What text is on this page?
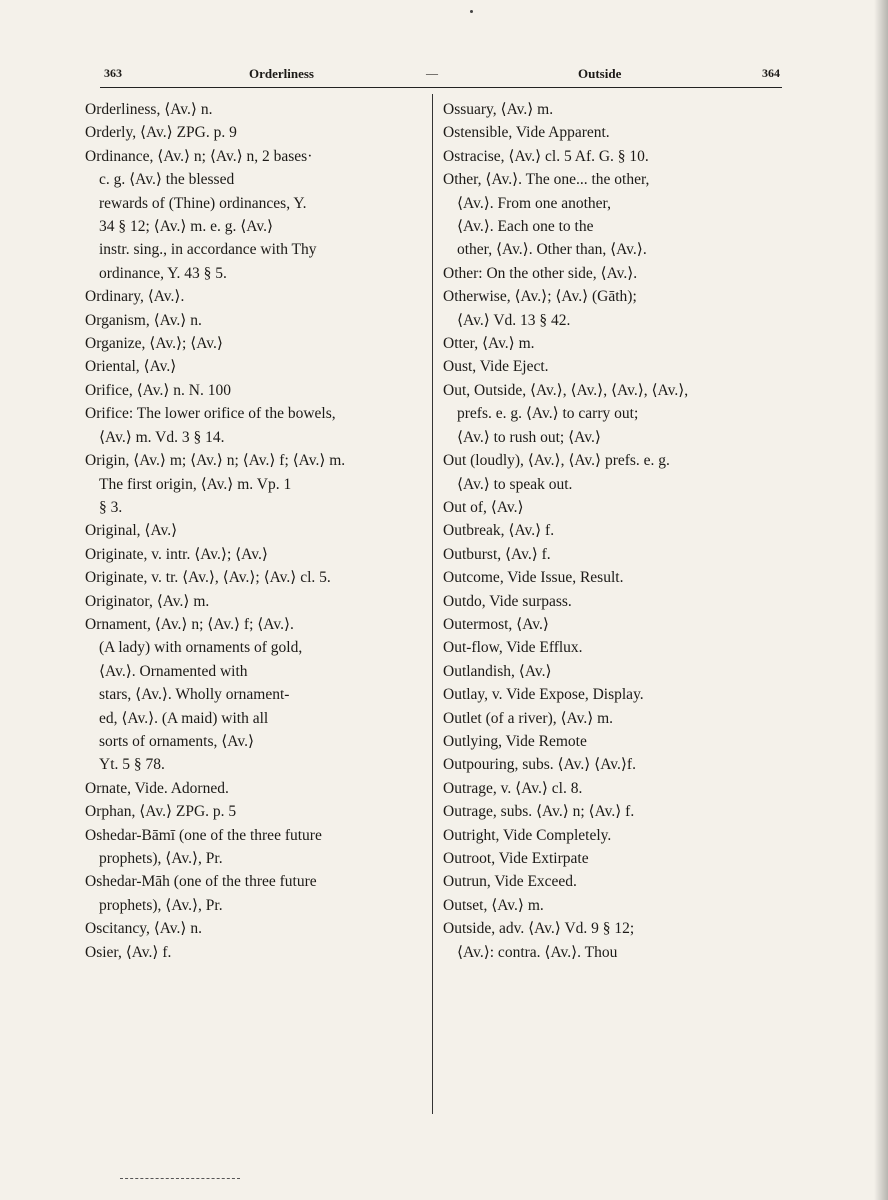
363	Orderliness	—	Outside	364
Orderliness, ⟨Av.⟩ n.
Orderly, ⟨Av.⟩ ZPG. p. 9
Ordinance, ⟨Av.⟩ n; ⟨Av.⟩ n, 2 bases·
c. g. ⟨Av.⟩ the blessed
rewards of (Thine) ordinances, Y.
34 § 12; ⟨Av.⟩ m. e. g. ⟨Av.⟩
instr. sing., in accordance with Thy
ordinance, Y. 43 § 5.
Ordinary, ⟨Av.⟩.
Organism, ⟨Av.⟩ n.
Organize, ⟨Av.⟩; ⟨Av.⟩
Oriental, ⟨Av.⟩
Orifice, ⟨Av.⟩ n. N. 100
Orifice: The lower orifice of the bowels,
⟨Av.⟩ m. Vd. 3 § 14.
Origin, ⟨Av.⟩ m; ⟨Av.⟩ n; ⟨Av.⟩ f; ⟨Av.⟩ m.
The first origin, ⟨Av.⟩ m. Vp. 1
§ 3.
Original, ⟨Av.⟩
Originate, v. intr. ⟨Av.⟩; ⟨Av.⟩
Originate, v. tr. ⟨Av.⟩, ⟨Av.⟩; ⟨Av.⟩ cl. 5.
Originator, ⟨Av.⟩ m.
Ornament, ⟨Av.⟩ n; ⟨Av.⟩ f; ⟨Av.⟩.
(A lady) with ornaments of gold,
⟨Av.⟩. Ornamented with
stars, ⟨Av.⟩. Wholly ornament-
ed, ⟨Av.⟩. (A maid) with all
sorts of ornaments, ⟨Av.⟩
Yt. 5 § 78.
Ornate, Vide. Adorned.
Orphan, ⟨Av.⟩ ZPG. p. 5
Oshedar-Bāmī (one of the three future
prophets), ⟨Av.⟩, Pr.
Oshedar-Māh (one of the three future
prophets), ⟨Av.⟩, Pr.
Oscitancy, ⟨Av.⟩ n.
Osier, ⟨Av.⟩ f.
Ossuary, ⟨Av.⟩ m.
Ostensible, Vide Apparent.
Ostracise, ⟨Av.⟩ cl. 5 Af. G. § 10.
Other, ⟨Av.⟩. The one... the other,
⟨Av.⟩. From one another,
⟨Av.⟩. Each one to the
other, ⟨Av.⟩. Other than, ⟨Av.⟩.
Other: On the other side, ⟨Av.⟩.
Otherwise, ⟨Av.⟩; ⟨Av.⟩ (Gāth);
⟨Av.⟩ Vd. 13 § 42.
Otter, ⟨Av.⟩ m.
Oust, Vide Eject.
Out, Outside, ⟨Av.⟩, ⟨Av.⟩, ⟨Av.⟩, ⟨Av.⟩,
prefs. e. g. ⟨Av.⟩ to carry out;
⟨Av.⟩ to rush out; ⟨Av.⟩
Out (loudly), ⟨Av.⟩, ⟨Av.⟩ prefs. e. g.
⟨Av.⟩ to speak out.
Out of, ⟨Av.⟩
Outbreak, ⟨Av.⟩ f.
Outburst, ⟨Av.⟩ f.
Outcome, Vide Issue, Result.
Outdo, Vide surpass.
Outermost, ⟨Av.⟩
Out-flow, Vide Efflux.
Outlandish, ⟨Av.⟩
Outlay, v. Vide Expose, Display.
Outlet (of a river), ⟨Av.⟩ m.
Outlying, Vide Remote
Outpouring, subs. ⟨Av.⟩ ⟨Av.⟩f.
Outrage, v. ⟨Av.⟩ cl. 8.
Outrage, subs. ⟨Av.⟩ n; ⟨Av.⟩ f.
Outright, Vide Completely.
Outroot, Vide Extirpate
Outrun, Vide Exceed.
Outset, ⟨Av.⟩ m.
Outside, adv. ⟨Av.⟩ Vd. 9 § 12;
⟨Av.⟩: contra. ⟨Av.⟩. Thou
